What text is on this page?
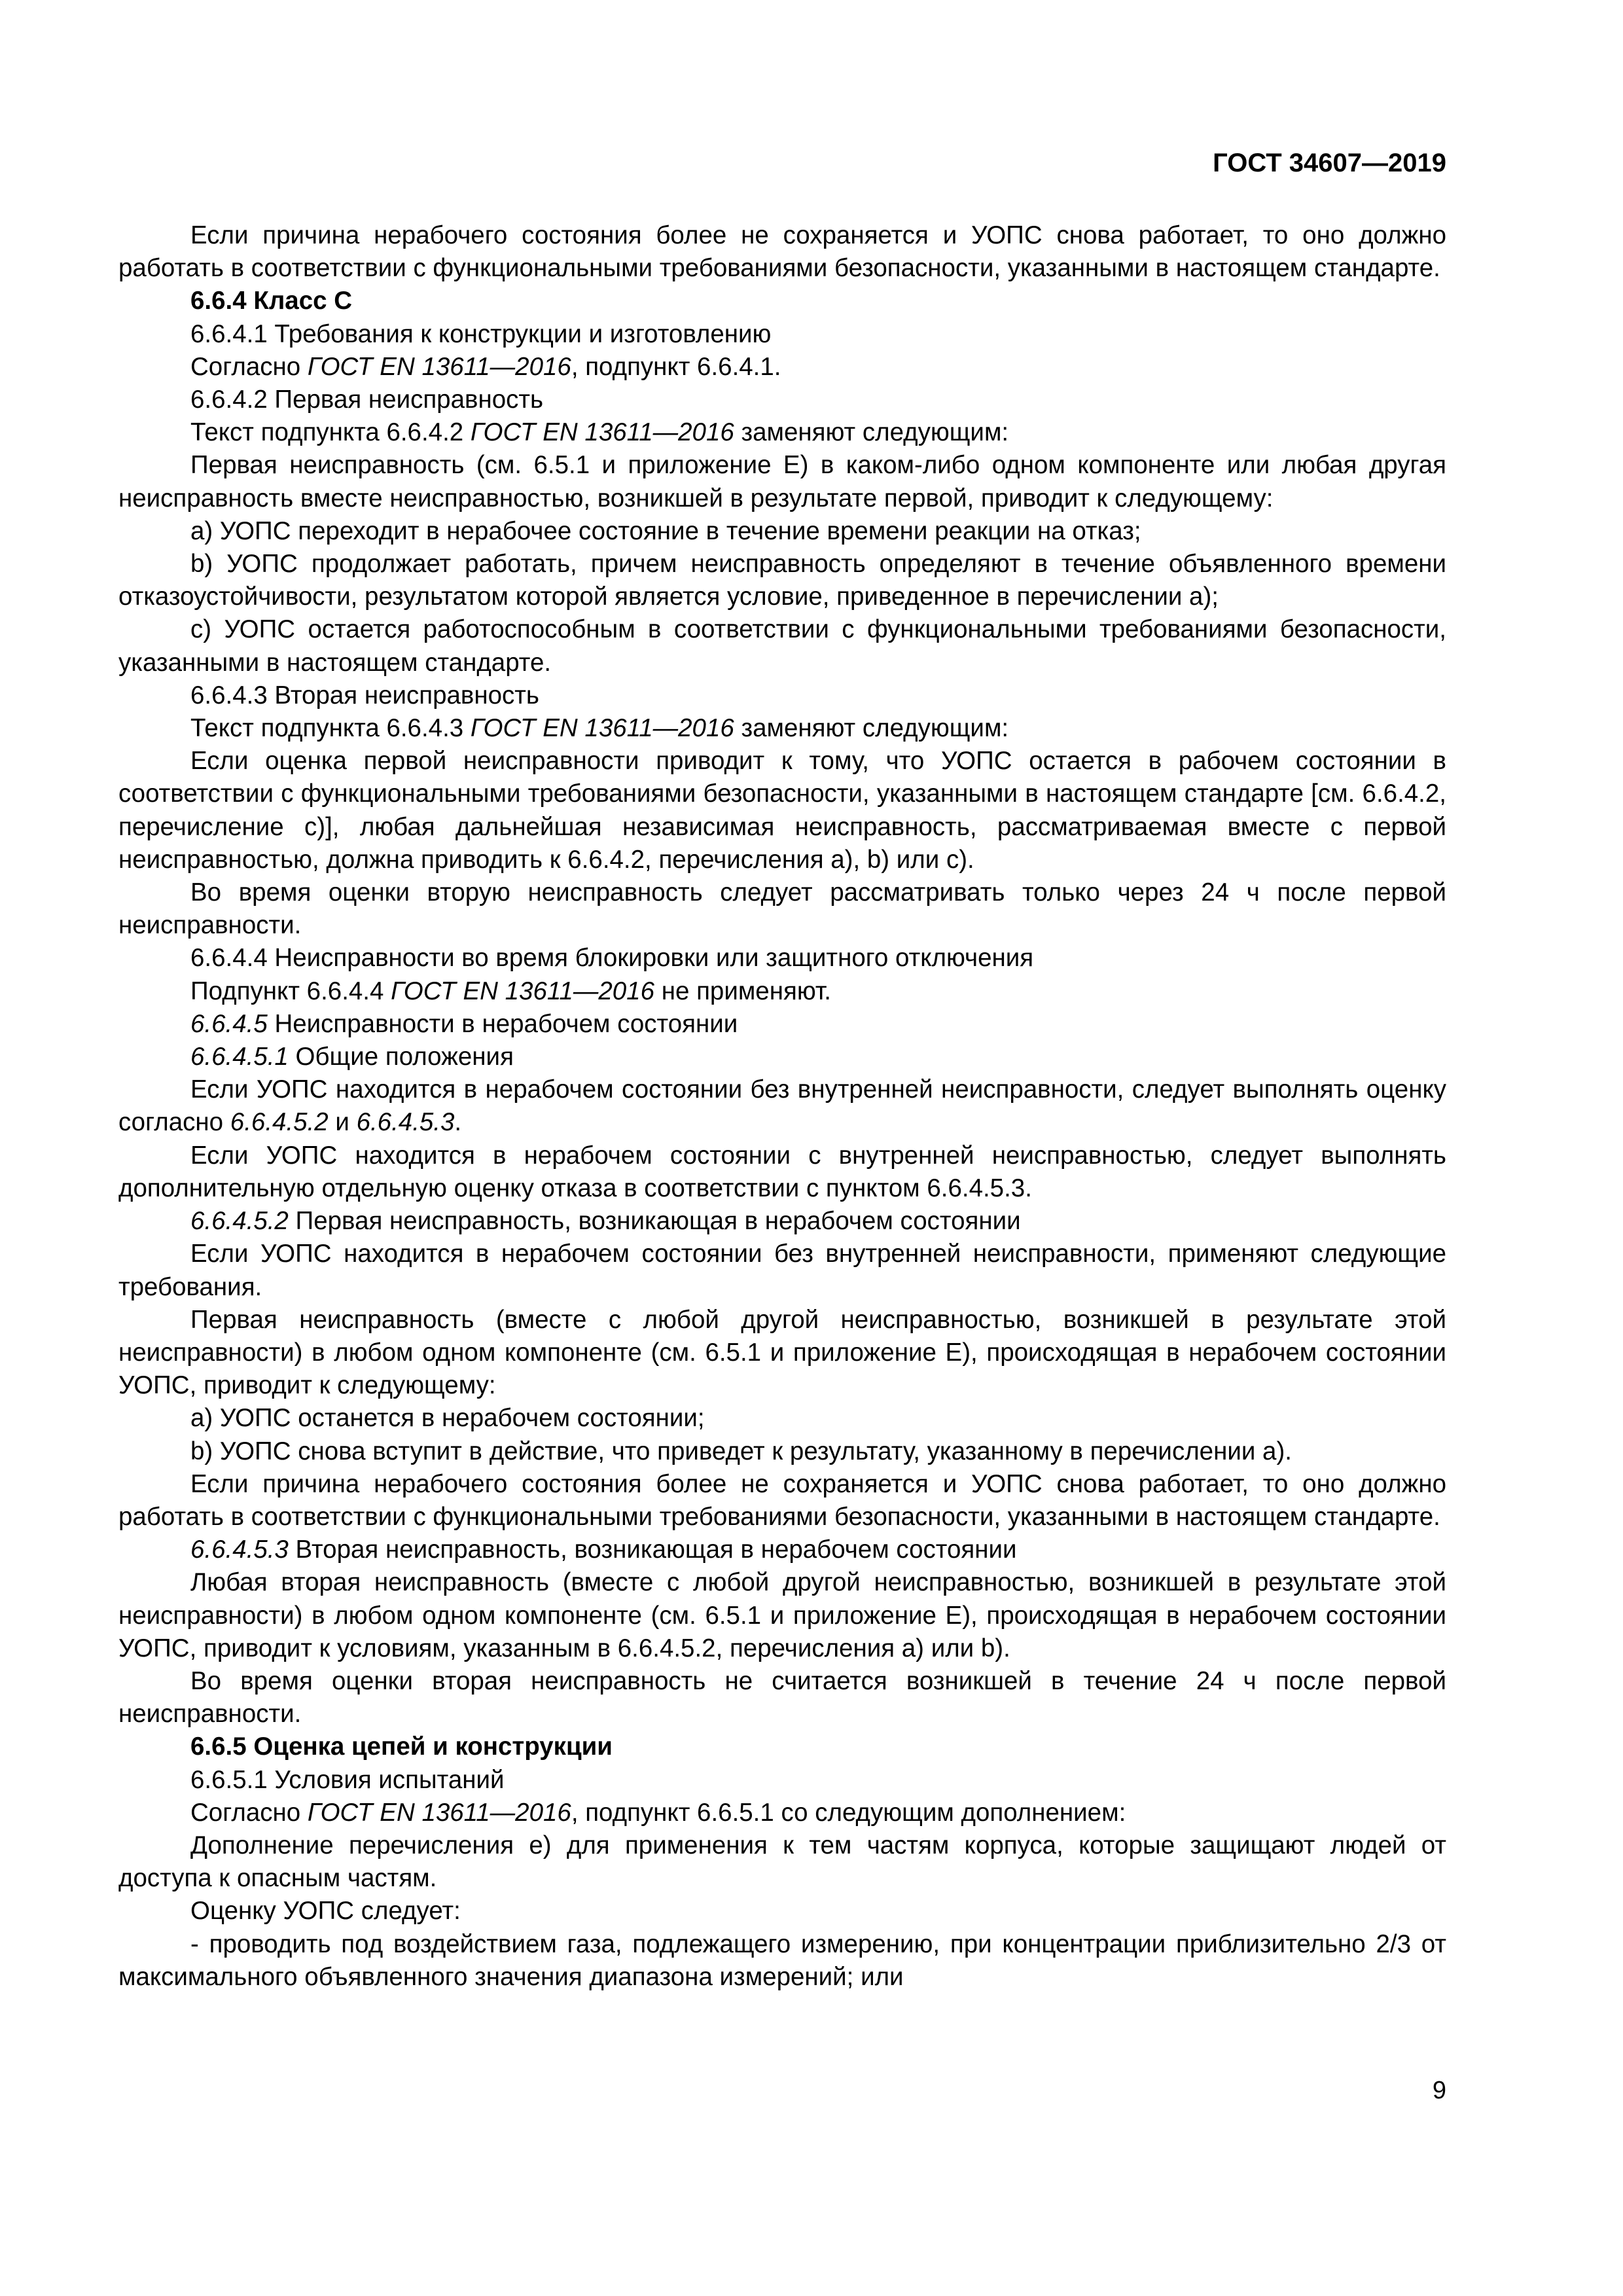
ГОСТ 34607—2019

Если причина нерабочего состояния более не сохраняется и УОПС снова работает, то оно должно работать в соответствии с функциональными требованиями безопасности, указанными в настоящем стандарте.

6.6.4 Класс С

6.6.4.1 Требования к конструкции и изготовлению

Согласно ГОСТ EN 13611—2016, подпункт 6.6.4.1.

6.6.4.2 Первая неисправность

Текст подпункта 6.6.4.2 ГОСТ EN 13611—2016 заменяют следующим:

Первая неисправность (см. 6.5.1 и приложение Е) в каком-либо одном компоненте или любая другая неисправность вместе неисправностью, возникшей в результате первой, приводит к следующему:

a) УОПС переходит в нерабочее состояние в течение времени реакции на отказ;

b) УОПС продолжает работать, причем неисправность определяют в течение объявленного времени отказоустойчивости, результатом которой является условие, приведенное в перечислении а);

с) УОПС остается работоспособным в соответствии с функциональными требованиями безопасности, указанными в настоящем стандарте.

6.6.4.3 Вторая неисправность

Текст подпункта 6.6.4.3 ГОСТ EN 13611—2016 заменяют следующим:

Если оценка первой неисправности приводит к тому, что УОПС остается в рабочем состоянии в соответствии с функциональными требованиями безопасности, указанными в настоящем стандарте [см. 6.6.4.2, перечисление с)], любая дальнейшая независимая неисправность, рассматриваемая вместе с первой неисправностью, должна приводить к 6.6.4.2, перечисления а), b) или с).

Во время оценки вторую неисправность следует рассматривать только через 24 ч после первой неисправности.

6.6.4.4 Неисправности во время блокировки или защитного отключения

Подпункт 6.6.4.4 ГОСТ EN 13611—2016 не применяют.

6.6.4.5 Неисправности в нерабочем состоянии

6.6.4.5.1 Общие положения

Если УОПС находится в нерабочем состоянии без внутренней неисправности, следует выполнять оценку согласно 6.6.4.5.2 и 6.6.4.5.3.

Если УОПС находится в нерабочем состоянии с внутренней неисправностью, следует выполнять дополнительную отдельную оценку отказа в соответствии с пунктом 6.6.4.5.3.

6.6.4.5.2 Первая неисправность, возникающая в нерабочем состоянии

Если УОПС находится в нерабочем состоянии без внутренней неисправности, применяют следующие требования.

Первая неисправность (вместе с любой другой неисправностью, возникшей в результате этой неисправности) в любом одном компоненте (см. 6.5.1 и приложение Е), происходящая в нерабочем состоянии УОПС, приводит к следующему:

а) УОПС останется в нерабочем состоянии;

b) УОПС снова вступит в действие, что приведет к результату, указанному в перечислении а).

Если причина нерабочего состояния более не сохраняется и УОПС снова работает, то оно должно работать в соответствии с функциональными требованиями безопасности, указанными в настоящем стандарте.

6.6.4.5.3 Вторая неисправность, возникающая в нерабочем состоянии

Любая вторая неисправность (вместе с любой другой неисправностью, возникшей в результате этой неисправности) в любом одном компоненте (см. 6.5.1 и приложение Е), происходящая в нерабочем состоянии УОПС, приводит к условиям, указанным в 6.6.4.5.2, перечисления а) или b).

Во время оценки вторая неисправность не считается возникшей в течение 24 ч после первой неисправности.

6.6.5 Оценка цепей и конструкции

6.6.5.1 Условия испытаний

Согласно ГОСТ EN 13611—2016, подпункт 6.6.5.1 со следующим дополнением:

Дополнение перечисления е) для применения к тем частям корпуса, которые защищают людей от доступа к опасным частям.

Оценку УОПС следует:

- проводить под воздействием газа, подлежащего измерению, при концентрации приблизительно 2/3 от максимального объявленного значения диапазона измерений; или

9
